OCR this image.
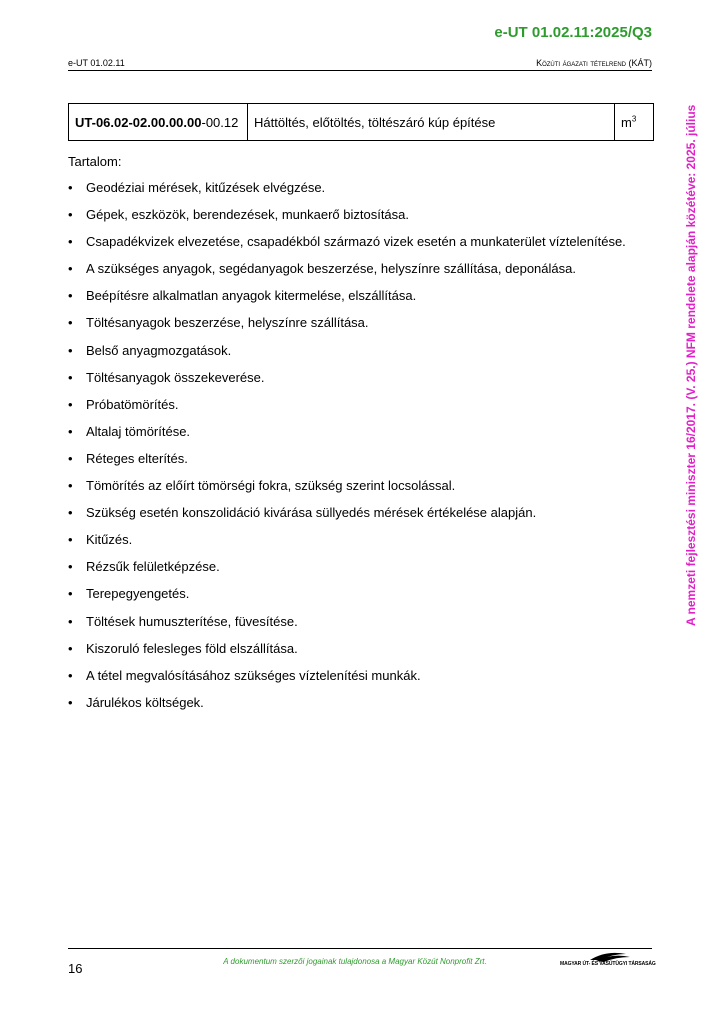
e-UT 01.02.11:2025/Q3
e-UT 01.02.11	Közúti ágazati tételrend (KÁT)
A nemzeti fejlesztési miniszter 16/2017. (V. 25.) NFM rendelete alapján közétéve: 2025. július
UT-06.02-02.00.00.00-00.12	Háttöltés, előtöltés, töltészáró kúp építése	$m^3$
Tartalom:
• Geodéziai mérések, kitűzések elvégzése.
• Gépek, eszközök, berendezések, munkaerő biztosítása.
• Csapadékvizek elvezetése, csapadékból származó vizek esetén a munkaterület víztelenítése.
• A szükséges anyagok, segédanyagok beszerzése, helyszínre szállítása, deponálása.
• Beépítésre alkalmatlan anyagok kitermelése, elszállítása.
• Töltésanyagok beszerzése, helyszínre szállítása.
• Belső anyagmozgatások.
• Töltésanyagok összekeverése.
• Próbatömörítés.
• Altalaj tömörítése.
• Réteges elterítés.
• Tömörítés az előírt tömörségi fokra, szükség szerint locsolással.
• Szükség esetén konszolidáció kivárása süllyedés mérések értékelése alapján.
• Kitűzés.
• Rézsűk felületképzése.
• Terepegyengetés.
• Töltések humuszterítése, füvesítése.
• Kiszoruló felesleges föld elszállítása.
• A tétel megvalósításához szükséges víztelenítési munkák.
• Járulékos költségek.
16	A dokumentum szerzői jogainak tulajdonosa a Magyar Közút Nonprofit Zrt.	MAGYAR ÚT- ÉS VASÚTÜGYI TÁRSASÁG
